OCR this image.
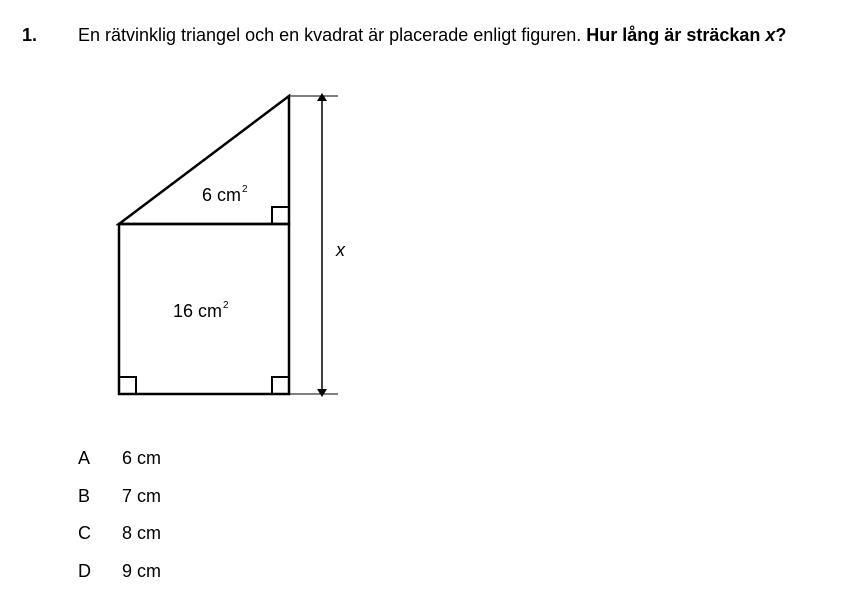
1. En rätvinklig triangel och en kvadrat är placerade enligt figuren. Hur lång är sträckan x?
6 $cm^2$
16 $cm^2$
x
A	6 cm
B	7 cm
C	8 cm
D	9 cm
